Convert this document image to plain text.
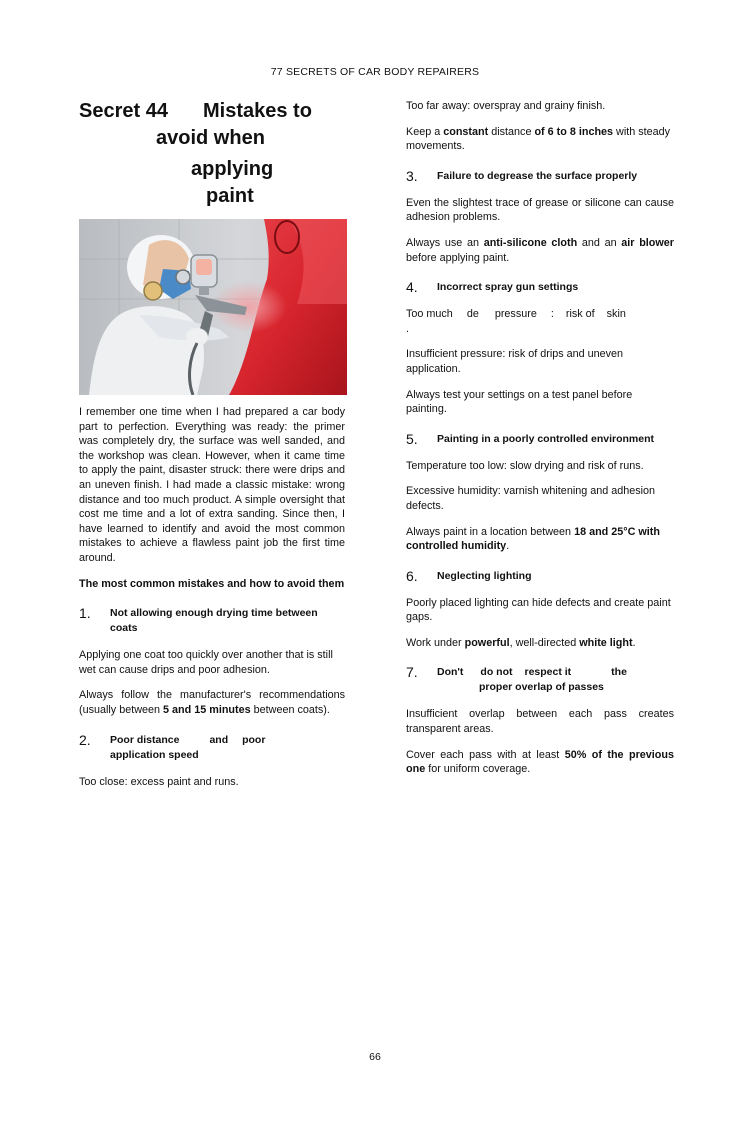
77 SECRETS OF CAR BODY REPAIRERS
Secret 44 Mistakes to
avoid when
applying
paint

I remember one time when I had prepared a car body part to perfection. Everything was ready: the primer was completely dry, the surface was well sanded, and the workshop was clean. However, when it came time to apply the paint, disaster struck: there were drips and an uneven finish. I had made a classic mistake: wrong distance and too much product. A simple oversight that cost me time and a lot of extra sanding. Since then, I have learned to identify and avoid the most common mistakes to achieve a flawless paint job the first time around.

The most common mistakes and how to avoid them

1.	Not allowing enough drying time between coats

Applying one coat too quickly over another that is still wet can cause drips and poor adhesion.

Always follow the manufacturer's recommendations (usually between 5 and 15 minutes between coats).

2.	Poor distance	and poor
application speed

Too close: excess paint and runs.

Too far away: overspray and grainy finish.

Keep a constant distance of 6 to 8 inches with steady movements.

3.	Failure to degrease the surface properly

Even the slightest trace of grease or silicone can cause adhesion problems.

Always use an anti-silicone cloth and an air blower before applying paint.

4.	Incorrect spray gun settings

Too much de pressure : risk of skin
.

Insufficient pressure: risk of drips and uneven application.

Always test your settings on a test panel before painting.

5.	Painting in a poorly controlled environment

Temperature too low: slow drying and risk of runs.

Excessive humidity: varnish whitening and adhesion defects.

Always paint in a location between 18 and 25°C with controlled humidity.

6.	Neglecting lighting

Poorly placed lighting can hide defects and create paint gaps.

Work under powerful, well-directed white light.

7.	Don't do not respect it	the
proper overlap of passes

Insufficient overlap between each pass creates transparent areas.

Cover each pass with at least 50% of the previous one for uniform coverage.

66
